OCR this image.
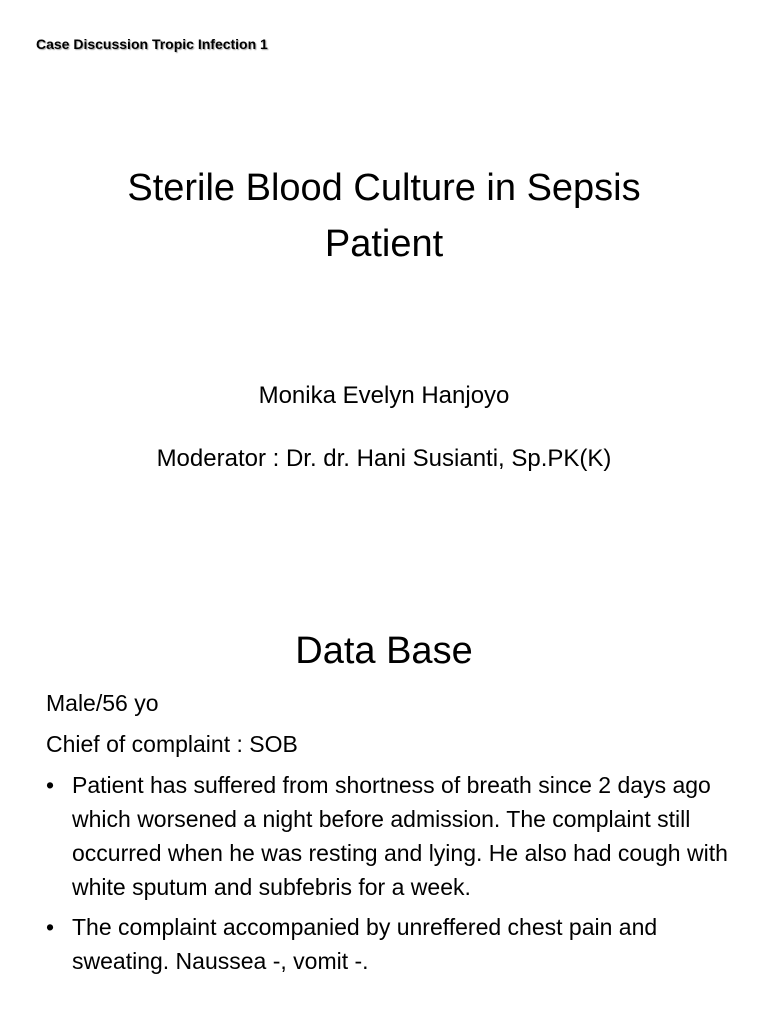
Case Discussion Tropic Infection 1
Sterile Blood Culture in Sepsis
Patient
Monika Evelyn Hanjoyo
Moderator : Dr. dr. Hani Susianti, Sp.PK(K)
Data Base
Male/56 yo
Chief of complaint : SOB
• Patient has suffered from shortness of breath since 2 days ago which worsened a night before admission. The complaint still occurred when he was resting and lying. He also had cough with white sputum and subfebris for a week.
• The complaint accompanied by unreffered chest pain and sweating. Naussea -, vomit -.
